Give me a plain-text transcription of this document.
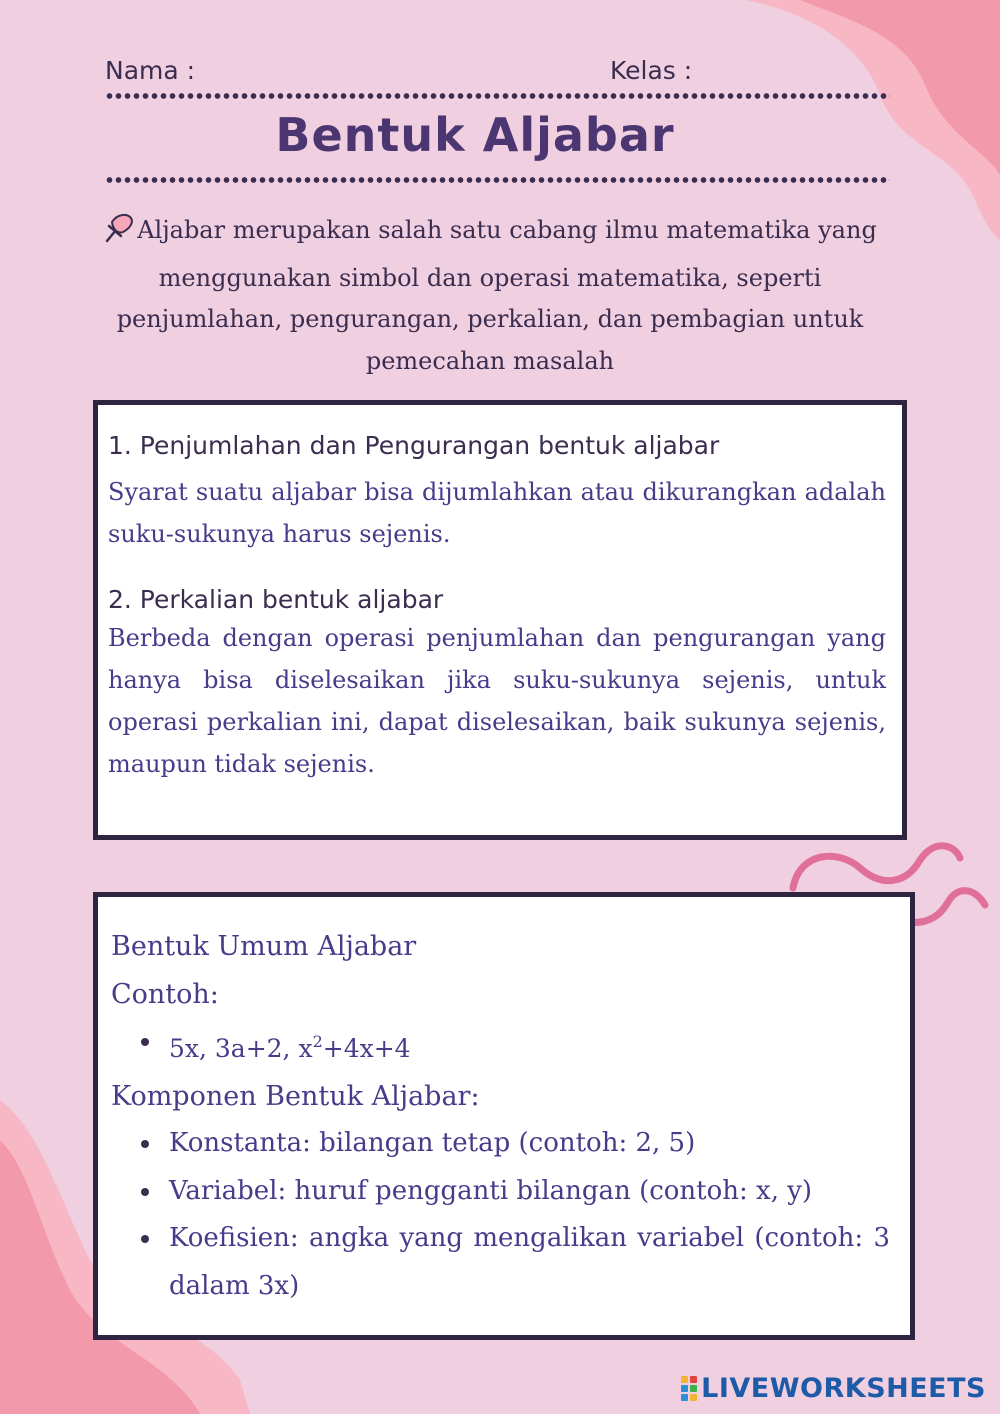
Nama :	Kelas :
Bentuk Aljabar
Aljabar merupakan salah satu cabang ilmu matematika yang menggunakan simbol dan operasi matematika, seperti penjumlahan, pengurangan, perkalian, dan pembagian untuk pemecahan masalah

1. Penjumlahan dan Pengurangan bentuk aljabar

Syarat suatu aljabar bisa dijumlahkan atau dikurangkan adalah suku-sukunya harus sejenis.

2. Perkalian bentuk aljabar

Berbeda dengan operasi penjumlahan dan pengurangan yang hanya bisa diselesaikan jika suku-sukunya sejenis, untuk operasi perkalian ini, dapat diselesaikan, baik sukunya sejenis, maupun tidak sejenis.

Bentuk Umum Aljabar

Contoh:

5x, 3a+2, $x^2+4x+4$

Komponen Bentuk Aljabar:

Konstanta: bilangan tetap (contoh: 2, 5)
Variabel: huruf pengganti bilangan (contoh: x, y)
Koefisien: angka yang mengalikan variabel (contoh: 3 dalam 3x)
LIVEWORKSHEETS
